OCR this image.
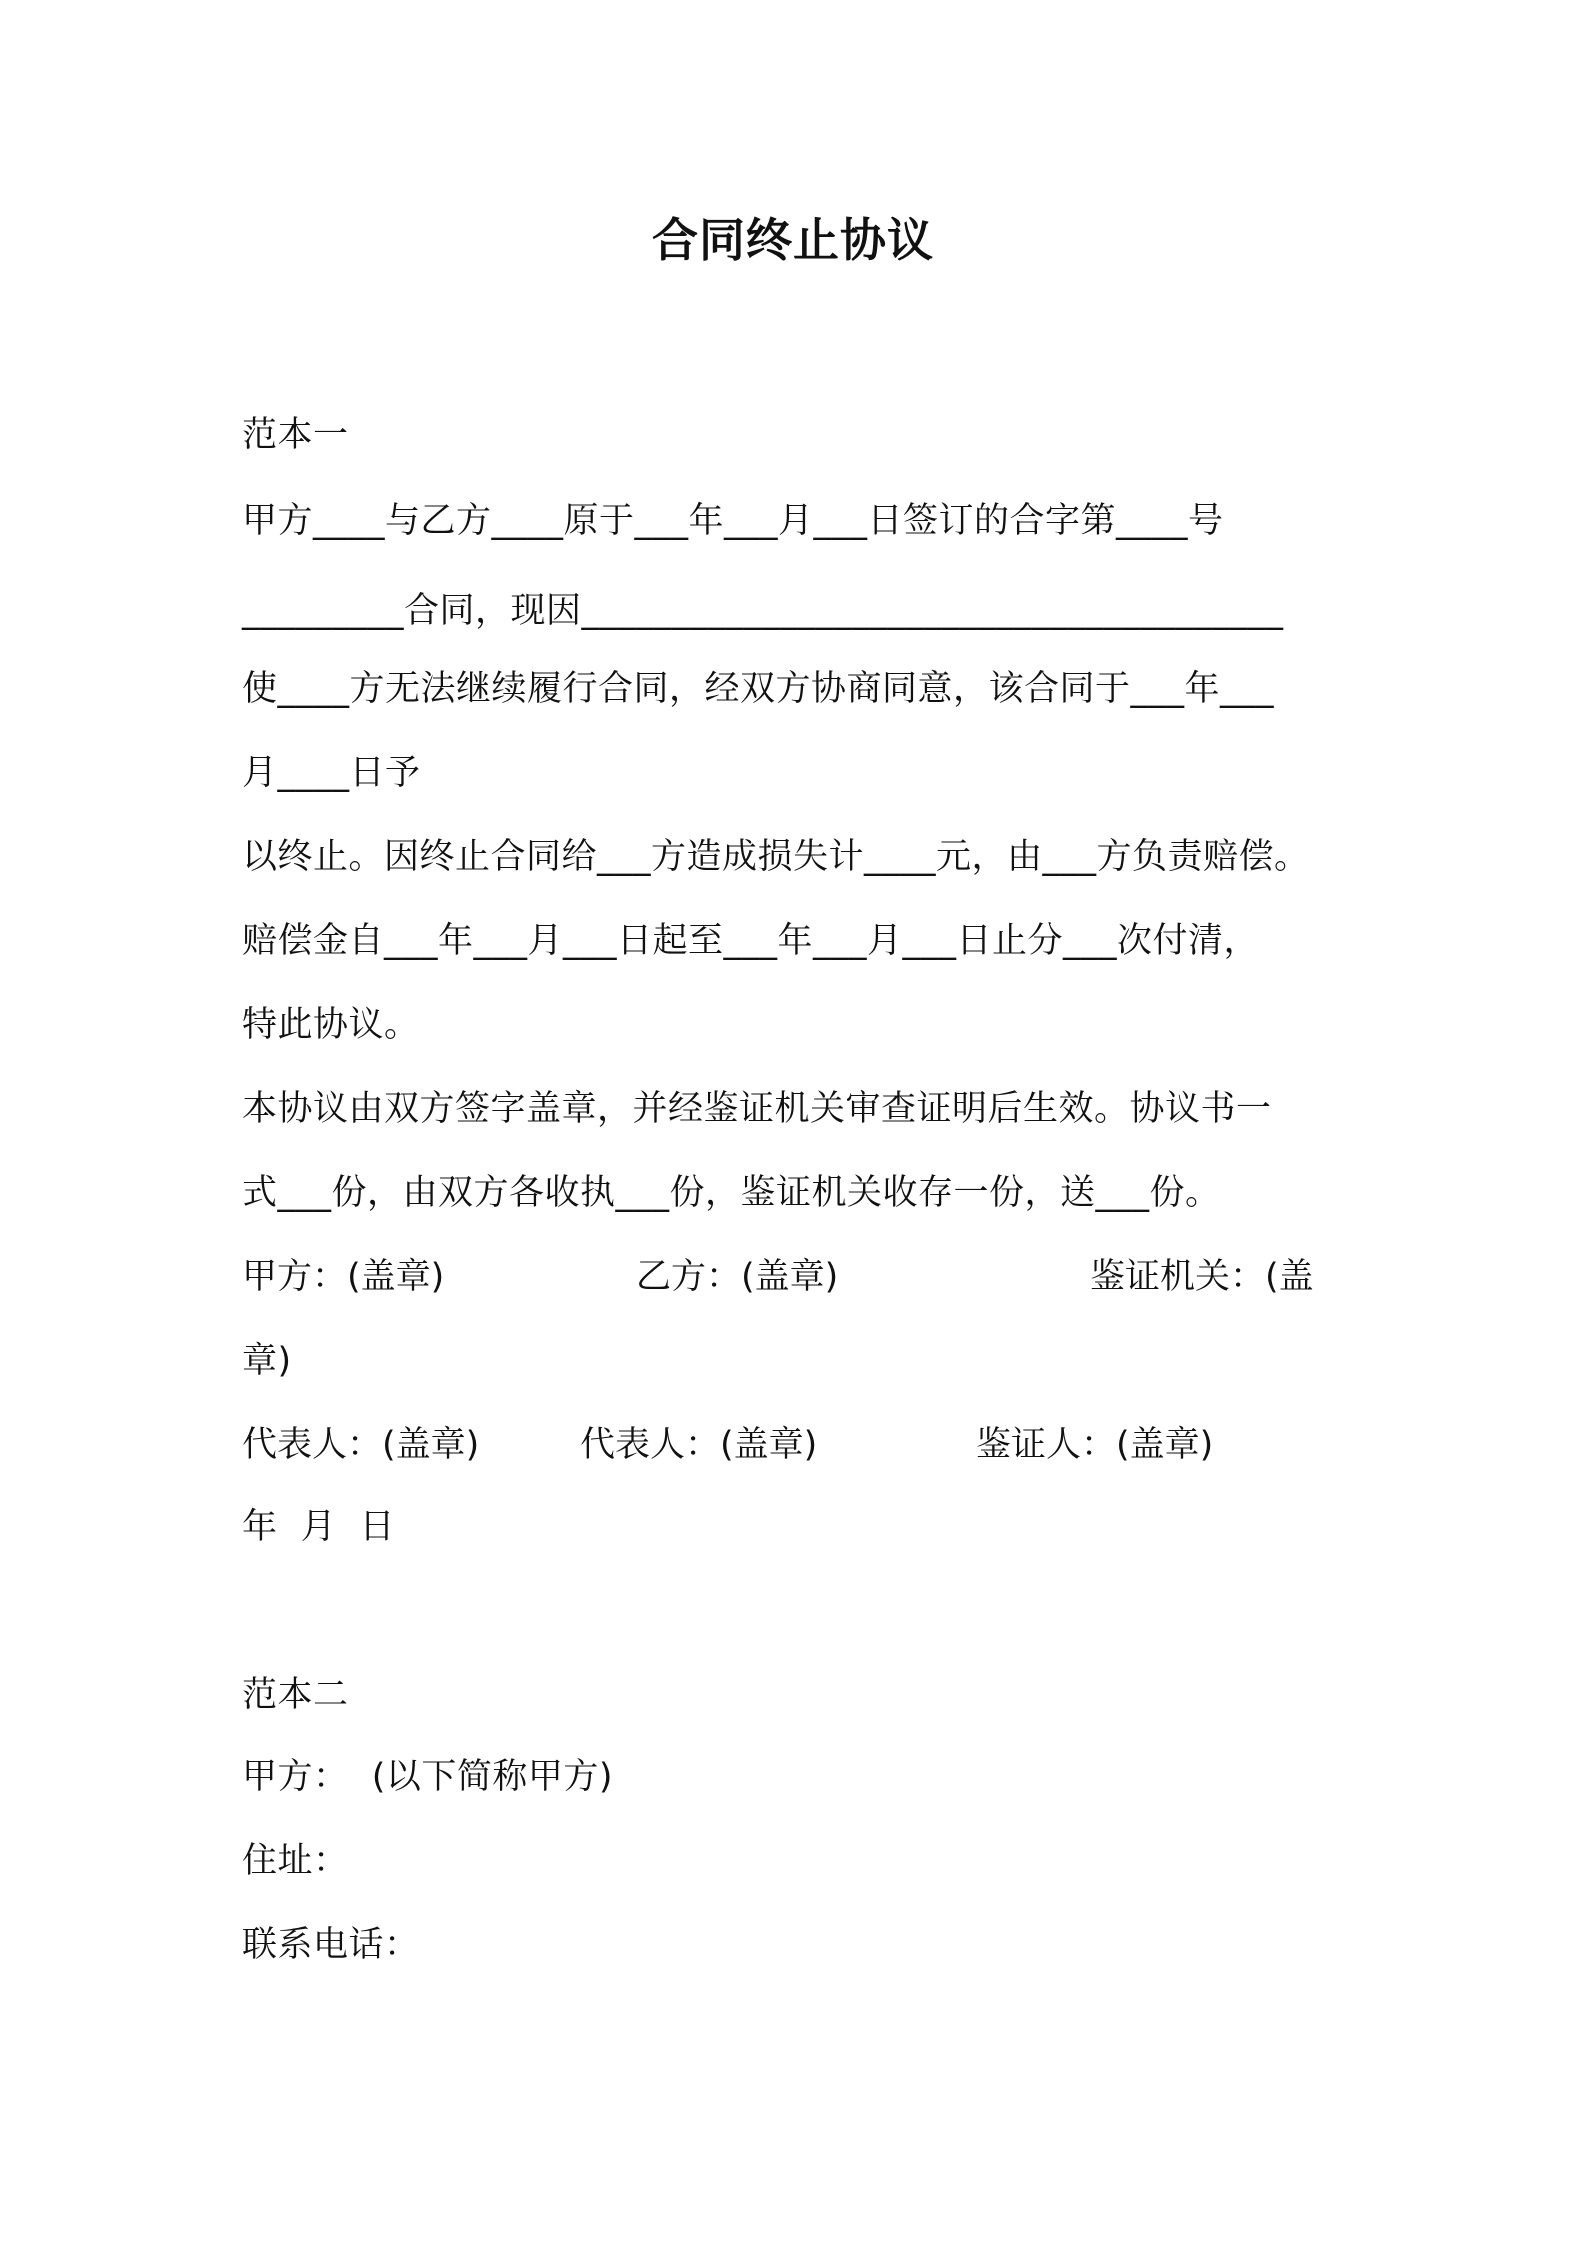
合同终止协议
范本一
甲方____与乙方____原于___年___月___日签订的合字第____号
_________合同，现因_______________________________________
使____方无法继续履行合同，经双方协商同意，该合同于___年___
月____日予
以终止。因终止合同给___方造成损失计____元，由___方负责赔偿。
赔偿金自___年___月___日起至___年___月___日止分___次付清，
特此协议。
本协议由双方签字盖章，并经鉴证机关审查证明后生效。协议书一
式___份，由双方各收执___份，鉴证机关收存一份，送___份。
甲方：(盖章)	乙方：(盖章)	鉴证机关：(盖
章)
代表人：(盖章)	代表人：(盖章)	鉴证人：(盖章)
年  月  日
范本二
甲方：  (以下简称甲方)
住址：
联系电话：
